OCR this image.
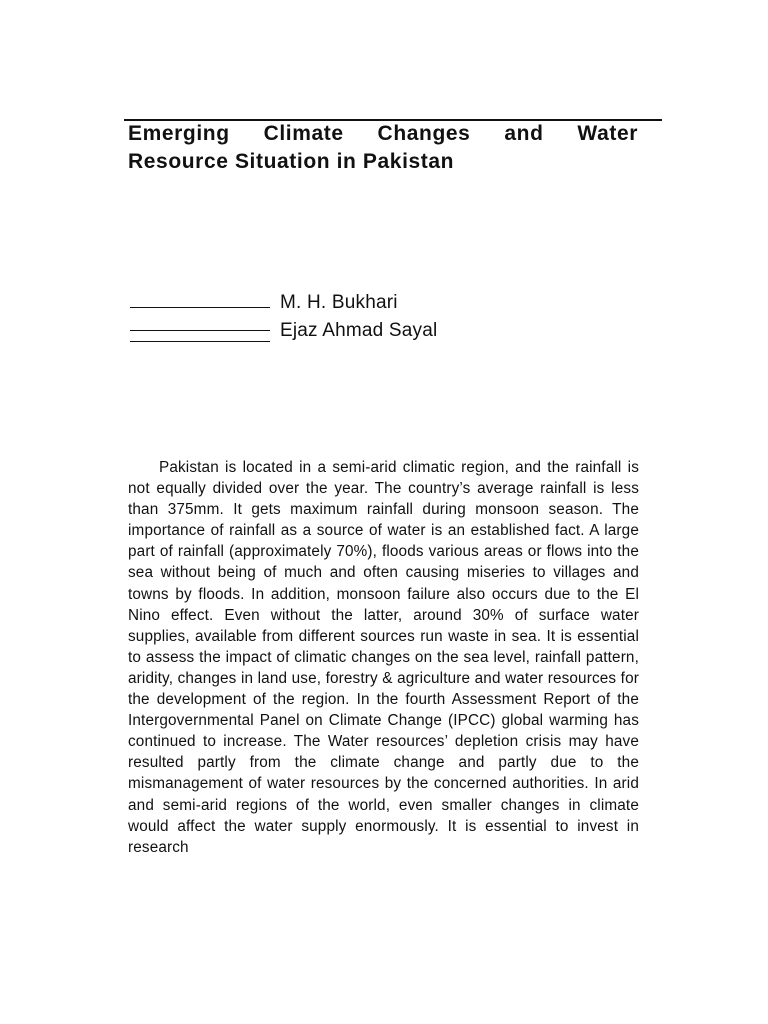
Emerging Climate Changes and Water
Resource Situation in Pakistan
M. H. Bukhari
Ejaz Ahmad Sayal

Pakistan is located in a semi-arid climatic region, and the rainfall is not equally divided over the year. The country’s average rainfall is less than 375mm. It gets maximum rainfall during monsoon season. The importance of rainfall as a source of water is an established fact. A large part of rainfall (approximately 70%), floods various areas or flows into the sea without being of much and often causing miseries to villages and towns by floods. In addition, monsoon failure also occurs due to the El Nino effect. Even without the latter, around 30% of surface water supplies, available from different sources run waste in sea. It is essential to assess the impact of climatic changes on the sea level, rainfall pattern, aridity, changes in land use, forestry & agriculture and water resources for the development of the region. In the fourth Assessment Report of the Intergovernmental Panel on Climate Change (IPCC) global warming has continued to increase. The Water resources’ depletion crisis may have resulted partly from the climate change and partly due to the mismanagement of water resources by the concerned authorities. In arid and semi-arid regions of the world, even smaller changes in climate would affect the water supply enormously. It is essential to invest in research
